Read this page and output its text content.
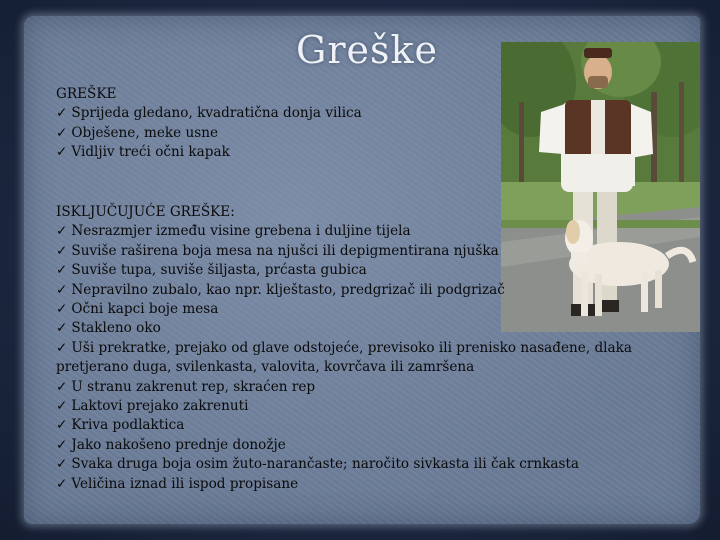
Greške
GREŠKE
✓ Sprijeda gledano, kvadratična donja vilica
✓ Obješene, meke usne
✓ Vidljiv treći očni kapak
ISKLJUČUJUĆE GREŠKE:
✓ Nesrazmjer između visine grebena i duljine tijela
✓ Suviše raširena boja mesa na njušci ili depigmentirana njuška
✓ Suviše tupa, suviše šiljasta, prćasta gubica
✓ Nepravilno zubalo, kao npr. klještasto, predgrizač ili podgrizač
✓ Očni kapci boje mesa
✓ Stakleno oko
✓ Uši prekratke, prejako od glave odstojeće, previsoko ili prenisko nasađene, dlaka pretjerano duga, svilenkasta, valovita, kovrčava ili zamršena
✓ U stranu zakrenut rep, skraćen rep
✓ Laktovi prejako zakrenuti
✓ Kriva podlaktica
✓ Jako nakošeno prednje donožje
✓ Svaka druga boja osim žuto-narančaste; naročito sivkasta ili čak crnkasta
✓ Veličina iznad ili ispod propisane
